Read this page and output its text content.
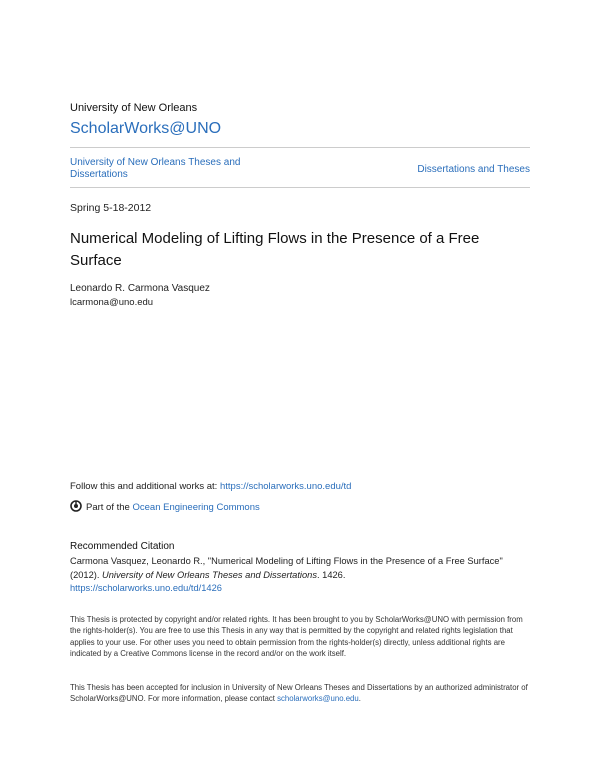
University of New Orleans
ScholarWorks@UNO
University of New Orleans Theses and Dissertations	Dissertations and Theses
Spring 5-18-2012
Numerical Modeling of Lifting Flows in the Presence of a Free Surface
Leonardo R. Carmona Vasquez
lcarmona@uno.edu
Follow this and additional works at: https://scholarworks.uno.edu/td
Part of the Ocean Engineering Commons
Recommended Citation
Carmona Vasquez, Leonardo R., "Numerical Modeling of Lifting Flows in the Presence of a Free Surface"
(2012). University of New Orleans Theses and Dissertations. 1426.
https://scholarworks.uno.edu/td/1426
This Thesis is protected by copyright and/or related rights. It has been brought to you by ScholarWorks@UNO with permission from the rights-holder(s). You are free to use this Thesis in any way that is permitted by the copyright and related rights legislation that applies to your use. For other uses you need to obtain permission from the rights-holder(s) directly, unless additional rights are indicated by a Creative Commons license in the record and/or on the work itself.
This Thesis has been accepted for inclusion in University of New Orleans Theses and Dissertations by an authorized administrator of ScholarWorks@UNO. For more information, please contact scholarworks@uno.edu.
